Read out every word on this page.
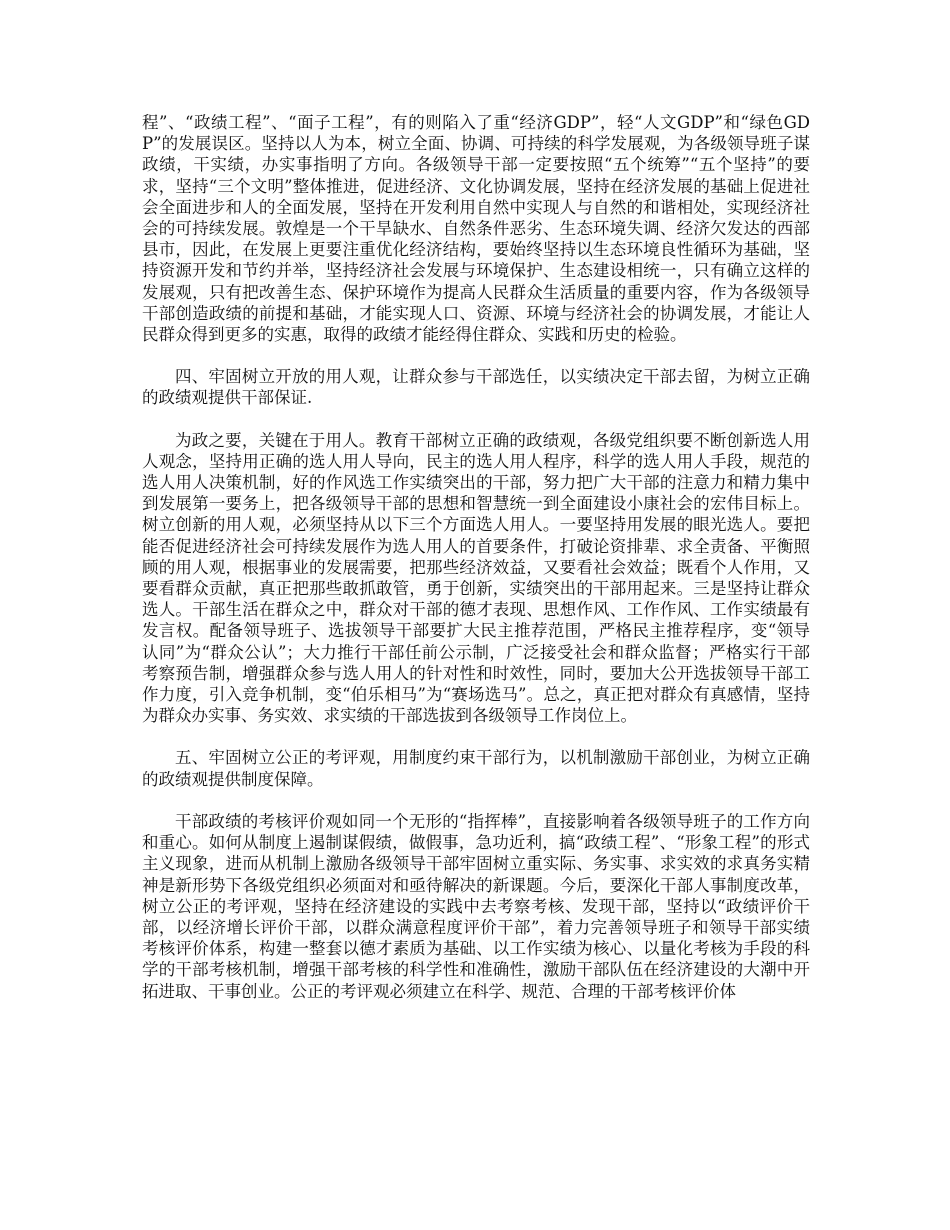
程”、“政绩工程”、“面子工程”，有的则陷入了重“经济GDP”，轻“人文GDP”和“绿色GDP”的发展误区。坚持以人为本，树立全面、协调、可持续的科学发展观，为各级领导班子谋政绩，干实绩，办实事指明了方向。各级领导干部一定要按照“五个统筹”“五个坚持”的要求，坚持“三个文明”整体推进，促进经济、文化协调发展，坚持在经济发展的基础上促进社会全面进步和人的全面发展，坚持在开发利用自然中实现人与自然的和谐相处，实现经济社会的可持续发展。敦煌是一个干旱缺水、自然条件恶劣、生态环境失调、经济欠发达的西部县市，因此，在发展上更要注重优化经济结构，要始终坚持以生态环境良性循环为基础，坚持资源开发和节约并举，坚持经济社会发展与环境保护、生态建设相统一，只有确立这样的发展观，只有把改善生态、保护环境作为提高人民群众生活质量的重要内容，作为各级领导干部创造政绩的前提和基础，才能实现人口、资源、环境与经济社会的协调发展，才能让人民群众得到更多的实惠，取得的政绩才能经得住群众、实践和历史的检验。

四、牢固树立开放的用人观，让群众参与干部选任，以实绩决定干部去留，为树立正确的政绩观提供干部保证.

为政之要，关键在于用人。教育干部树立正确的政绩观，各级党组织要不断创新选人用人观念，坚持用正确的选人用人导向，民主的选人用人程序，科学的选人用人手段，规范的选人用人决策机制，好的作风选工作实绩突出的干部，努力把广大干部的注意力和精力集中到发展第一要务上，把各级领导干部的思想和智慧统一到全面建设小康社会的宏伟目标上。树立创新的用人观，必须坚持从以下三个方面选人用人。一要坚持用发展的眼光选人。要把能否促进经济社会可持续发展作为选人用人的首要条件，打破论资排辈、求全责备、平衡照顾的用人观，根据事业的发展需要，把那些经济效益，又要看社会效益；既看个人作用，又要看群众贡献，真正把那些敢抓敢管，勇于创新，实绩突出的干部用起来。三是坚持让群众选人。干部生活在群众之中，群众对干部的德才表现、思想作风、工作作风、工作实绩最有发言权。配备领导班子、选拔领导干部要扩大民主推荐范围，严格民主推荐程序，变“领导认同”为“群众公认”；大力推行干部任前公示制，广泛接受社会和群众监督；严格实行干部考察预告制，增强群众参与选人用人的针对性和时效性，同时，要加大公开选拔领导干部工作力度，引入竞争机制，变“伯乐相马”为“赛场选马”。总之，真正把对群众有真感情，坚持为群众办实事、务实效、求实绩的干部选拔到各级领导工作岗位上。

五、牢固树立公正的考评观，用制度约束干部行为，以机制激励干部创业，为树立正确的政绩观提供制度保障。

干部政绩的考核评价观如同一个无形的“指挥棒”，直接影响着各级领导班子的工作方向和重心。如何从制度上遏制谋假绩，做假事，急功近利，搞“政绩工程”、“形象工程”的形式主义现象，进而从机制上激励各级领导干部牢固树立重实际、务实事、求实效的求真务实精神是新形势下各级党组织必须面对和亟待解决的新课题。今后，要深化干部人事制度改革，树立公正的考评观，坚持在经济建设的实践中去考察考核、发现干部，坚持以“政绩评价干部，以经济增长评价干部，以群众满意程度评价干部”，着力完善领导班子和领导干部实绩考核评价体系，构建一整套以德才素质为基础、以工作实绩为核心、以量化考核为手段的科学的干部考核机制，增强干部考核的科学性和准确性，激励干部队伍在经济建设的大潮中开拓进取、干事创业。公正的考评观必须建立在科学、规范、合理的干部考核评价体
